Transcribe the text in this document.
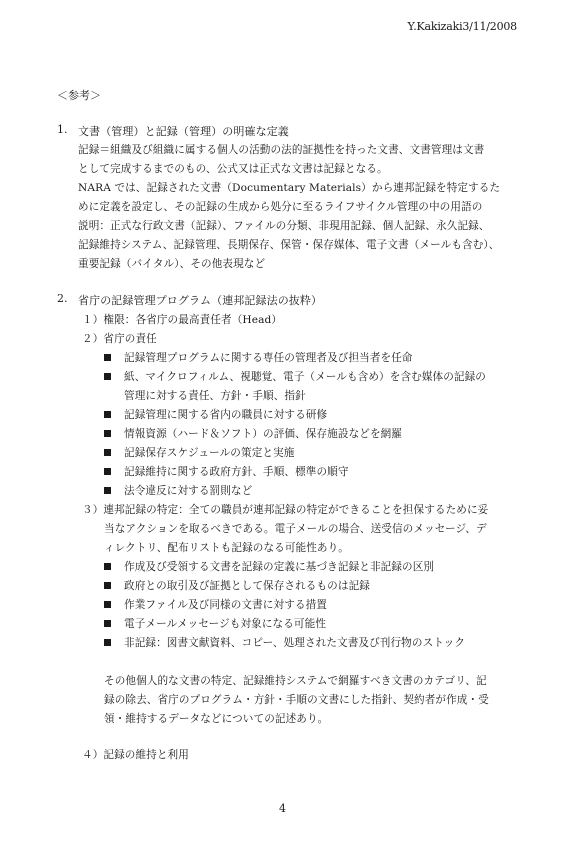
Y.Kakizaki3/11/2008
＜参考＞
1. 文書（管理）と記録（管理）の明確な定義
記録＝組織及び組織に属する個人の活動の法的証拠性を持った文書、文書管理は文書
として完成するまでのもの、公式又は正式な文書は記録となる。
NARA では、記録された文書（Documentary Materials）から連邦記録を特定するた
めに定義を設定し、その記録の生成から処分に至るライフサイクル管理の中の用語の
説明：正式な行政文書（記録）、ファイルの分類、非現用記録、個人記録、永久記録、
記録維持システム、記録管理、長期保存、保管・保存媒体、電子文書（メールも含む）、
重要記録（バイタル）、その他表現など
2. 省庁の記録管理プログラム（連邦記録法の抜粋）
１）権限：各省庁の最高責任者（Head）
２）省庁の責任
記録管理プログラムに関する専任の管理者及び担当者を任命
紙、マイクロフィルム、視聴覚、電子（メールも含め）を含む媒体の記録の
管理に対する責任、方針・手順、指針
記録管理に関する省内の職員に対する研修
情報資源（ハード＆ソフト）の評価、保存施設などを網羅
記録保存スケジュールの策定と実施
記録維持に関する政府方針、手順、標準の順守
法令違反に対する罰則など
３）連邦記録の特定：全ての職員が連邦記録の特定ができることを担保するために妥
当なアクションを取るべきである。電子メールの場合、送受信のメッセージ、デ
ィレクトリ、配布リストも記録のなる可能性あり。
作成及び受領する文書を記録の定義に基づき記録と非記録の区別
政府との取引及び証拠として保存されるものは記録
作業ファイル及び同様の文書に対する措置
電子メールメッセージも対象になる可能性
非記録：図書文献資料、コピー、処理された文書及び刊行物のストック
その他個人的な文書の特定、記録維持システムで網羅すべき文書のカテゴリ、記
録の除去、省庁のプログラム・方針・手順の文書にした指針、契約者が作成・受
領・維持するデータなどについての記述あり。
４）記録の維持と利用
4
